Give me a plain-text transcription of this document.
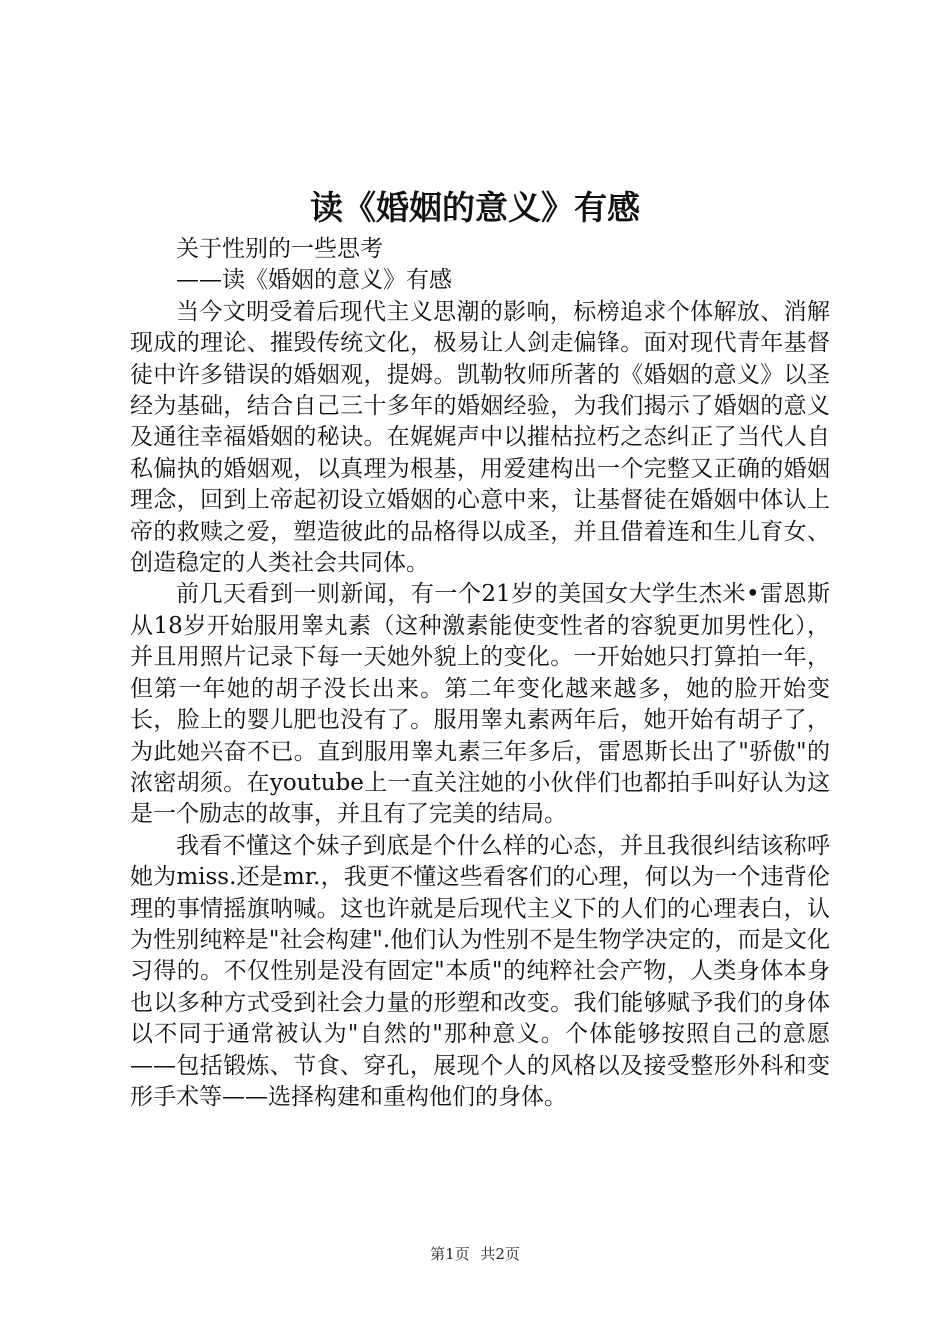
读《婚姻的意义》有感

关于性别的一些思考

——读《婚姻的意义》有感

当今文明受着后现代主义思潮的影响，标榜追求个体解放、消解现成的理论、摧毁传统文化，极易让人剑走偏锋。面对现代青年基督徒中许多错误的婚姻观，提姆。凯勒牧师所著的《婚姻的意义》以圣经为基础，结合自己三十多年的婚姻经验，为我们揭示了婚姻的意义及通往幸福婚姻的秘诀。在娓娓声中以摧枯拉朽之态纠正了当代人自私偏执的婚姻观，以真理为根基，用爱建构出一个完整又正确的婚姻理念，回到上帝起初设立婚姻的心意中来，让基督徒在婚姻中体认上帝的救赎之爱，塑造彼此的品格得以成圣，并且借着连和生儿育女、创造稳定的人类社会共同体。

前几天看到一则新闻，有一个21岁的美国女大学生杰米•雷恩斯从18岁开始服用睾丸素（这种激素能使变性者的容貌更加男性化），并且用照片记录下每一天她外貌上的变化。一开始她只打算拍一年，但第一年她的胡子没长出来。第二年变化越来越多，她的脸开始变长，脸上的婴儿肥也没有了。服用睾丸素两年后，她开始有胡子了，为此她兴奋不已。直到服用睾丸素三年多后，雷恩斯长出了"骄傲"的浓密胡须。在youtube上一直关注她的小伙伴们也都拍手叫好认为这是一个励志的故事，并且有了完美的结局。

我看不懂这个妹子到底是个什么样的心态，并且我很纠结该称呼她为miss.还是mr.，我更不懂这些看客们的心理，何以为一个违背伦理的事情摇旗呐喊。这也许就是后现代主义下的人们的心理表白，认为性别纯粹是"社会构建".他们认为性别不是生物学决定的，而是文化习得的。不仅性别是没有固定"本质"的纯粹社会产物，人类身体本身也以多种方式受到社会力量的形塑和改变。我们能够赋予我们的身体以不同于通常被认为"自然的"那种意义。个体能够按照自己的意愿——包括锻炼、节食、穿孔，展现个人的风格以及接受整形外科和变形手术等——选择构建和重构他们的身体。

第1页 共2页
